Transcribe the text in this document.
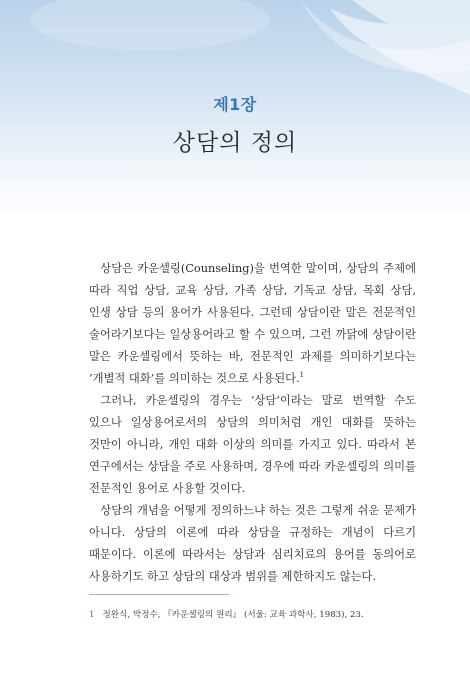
제1장
상담의 정의

상담은 카운셀링(Counseling)을 번역한 말이며, 상담의 주제에 따라 직업 상담, 교육 상담, 가족 상담, 기독교 상담, 목회 상담, 인생 상담 등의 용어가 사용된다. 그런데 상담이란 말은 전문적인 술어라기보다는 일상용어라고 할 수 있으며, 그런 까닭에 상담이란 말은 카운셀링에서 뜻하는 바, 전문적인 과제를 의미하기보다는 ‘개별적 대화’를 의미하는 것으로 사용된다.$^1$

그러나, 카운셀링의 경우는 ‘상담’이라는 말로 번역할 수도 있으나 일상용어로서의 상담의 의미처럼 개인 대화를 뜻하는 것만이 아니라, 개인 대화 이상의 의미를 가지고 있다. 따라서 본 연구에서는 상담을 주로 사용하며, 경우에 따라 카운셀링의 의미를 전문적인 용어로 사용할 것이다.

상담의 개념을 어떻게 정의하느냐 하는 것은 그렇게 쉬운 문제가 아니다. 상담의 이론에 따라 상담을 규정하는 개념이 다르기 때문이다. 이론에 따라서는 상담과 심리치료의 용어를 동의어로 사용하기도 하고 상담의 대상과 범위를 제한하지도 않는다.

1 정완식, 박정수, 『카운셀링의 원리』 (서울: 교육 과학사, 1983), 23.
